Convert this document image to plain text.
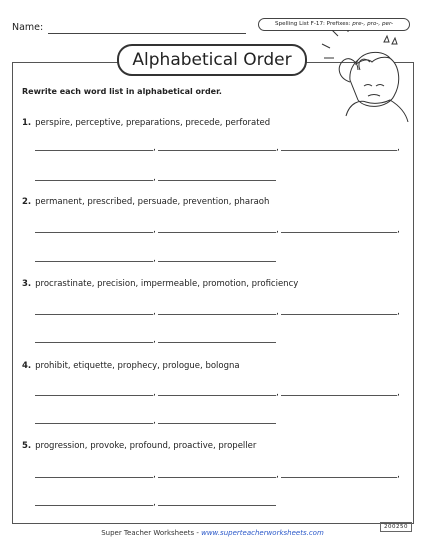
Name:	Spelling List F-17: Prefixes: pre-, pro-, per-
Alphabetical Order
Rewrite each word list in alphabetical order.
1. perspire, perceptive, preparations, precede, perforated
,	,	,
,
2. permanent, prescribed, persuade, prevention, pharaoh
,	,	,
,
3. procrastinate, precision, impermeable, promotion, proficiency
,	,	,
,
4. prohibit, etiquette, prophecy, prologue, bologna
,	,	,
,
5. progression, provoke, profound, proactive, propeller
,	,	,
,
Super Teacher Worksheets - www.superteacherworksheets.com
200250
